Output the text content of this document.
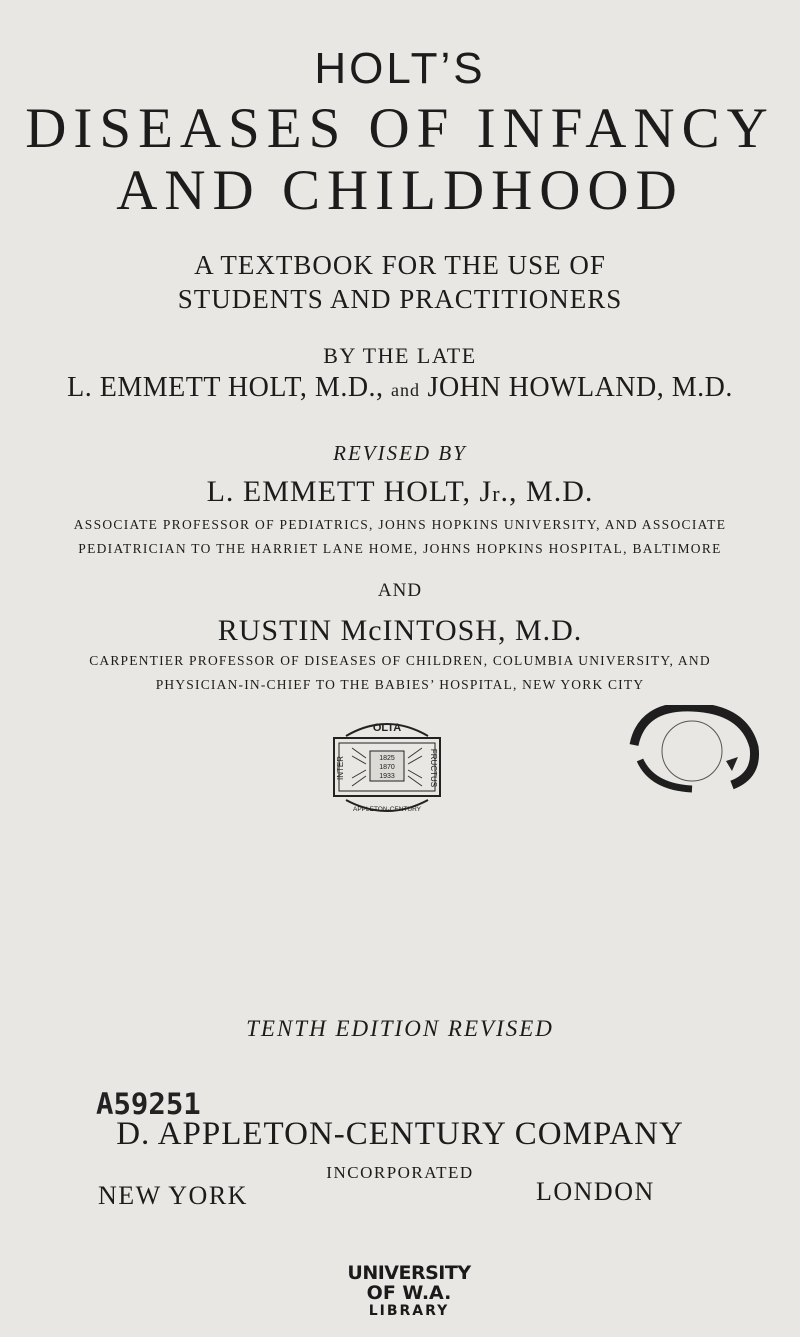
HOLT’S
DISEASES OF INFANCY
AND CHILDHOOD
A TEXTBOOK FOR THE USE OF
STUDENTS AND PRACTITIONERS
BY THE LATE
L. EMMETT HOLT, M.D., and JOHN HOWLAND, M.D.
REVISED BY
L. EMMETT HOLT, Jr., M.D.
ASSOCIATE PROFESSOR OF PEDIATRICS, JOHNS HOPKINS UNIVERSITY, AND ASSOCIATE
PEDIATRICIAN TO THE HARRIET LANE HOME, JOHNS HOPKINS HOSPITAL, BALTIMORE
AND
RUSTIN McINTOSH, M.D.
CARPENTIER PROFESSOR OF DISEASES OF CHILDREN, COLUMBIA UNIVERSITY, AND
PHYSICIAN-IN-CHIEF TO THE BABIES’ HOSPITAL, NEW YORK CITY
OLTA
INTER	FRUCTUS
APPLETON-CENTURY
1825
1870
1933
TENTH EDITION REVISED
A59251
D. APPLETON-CENTURY COMPANY
INCORPORATED
NEW YORK	LONDON
UNIVERSITY
OF W.A.
LIBRARY
